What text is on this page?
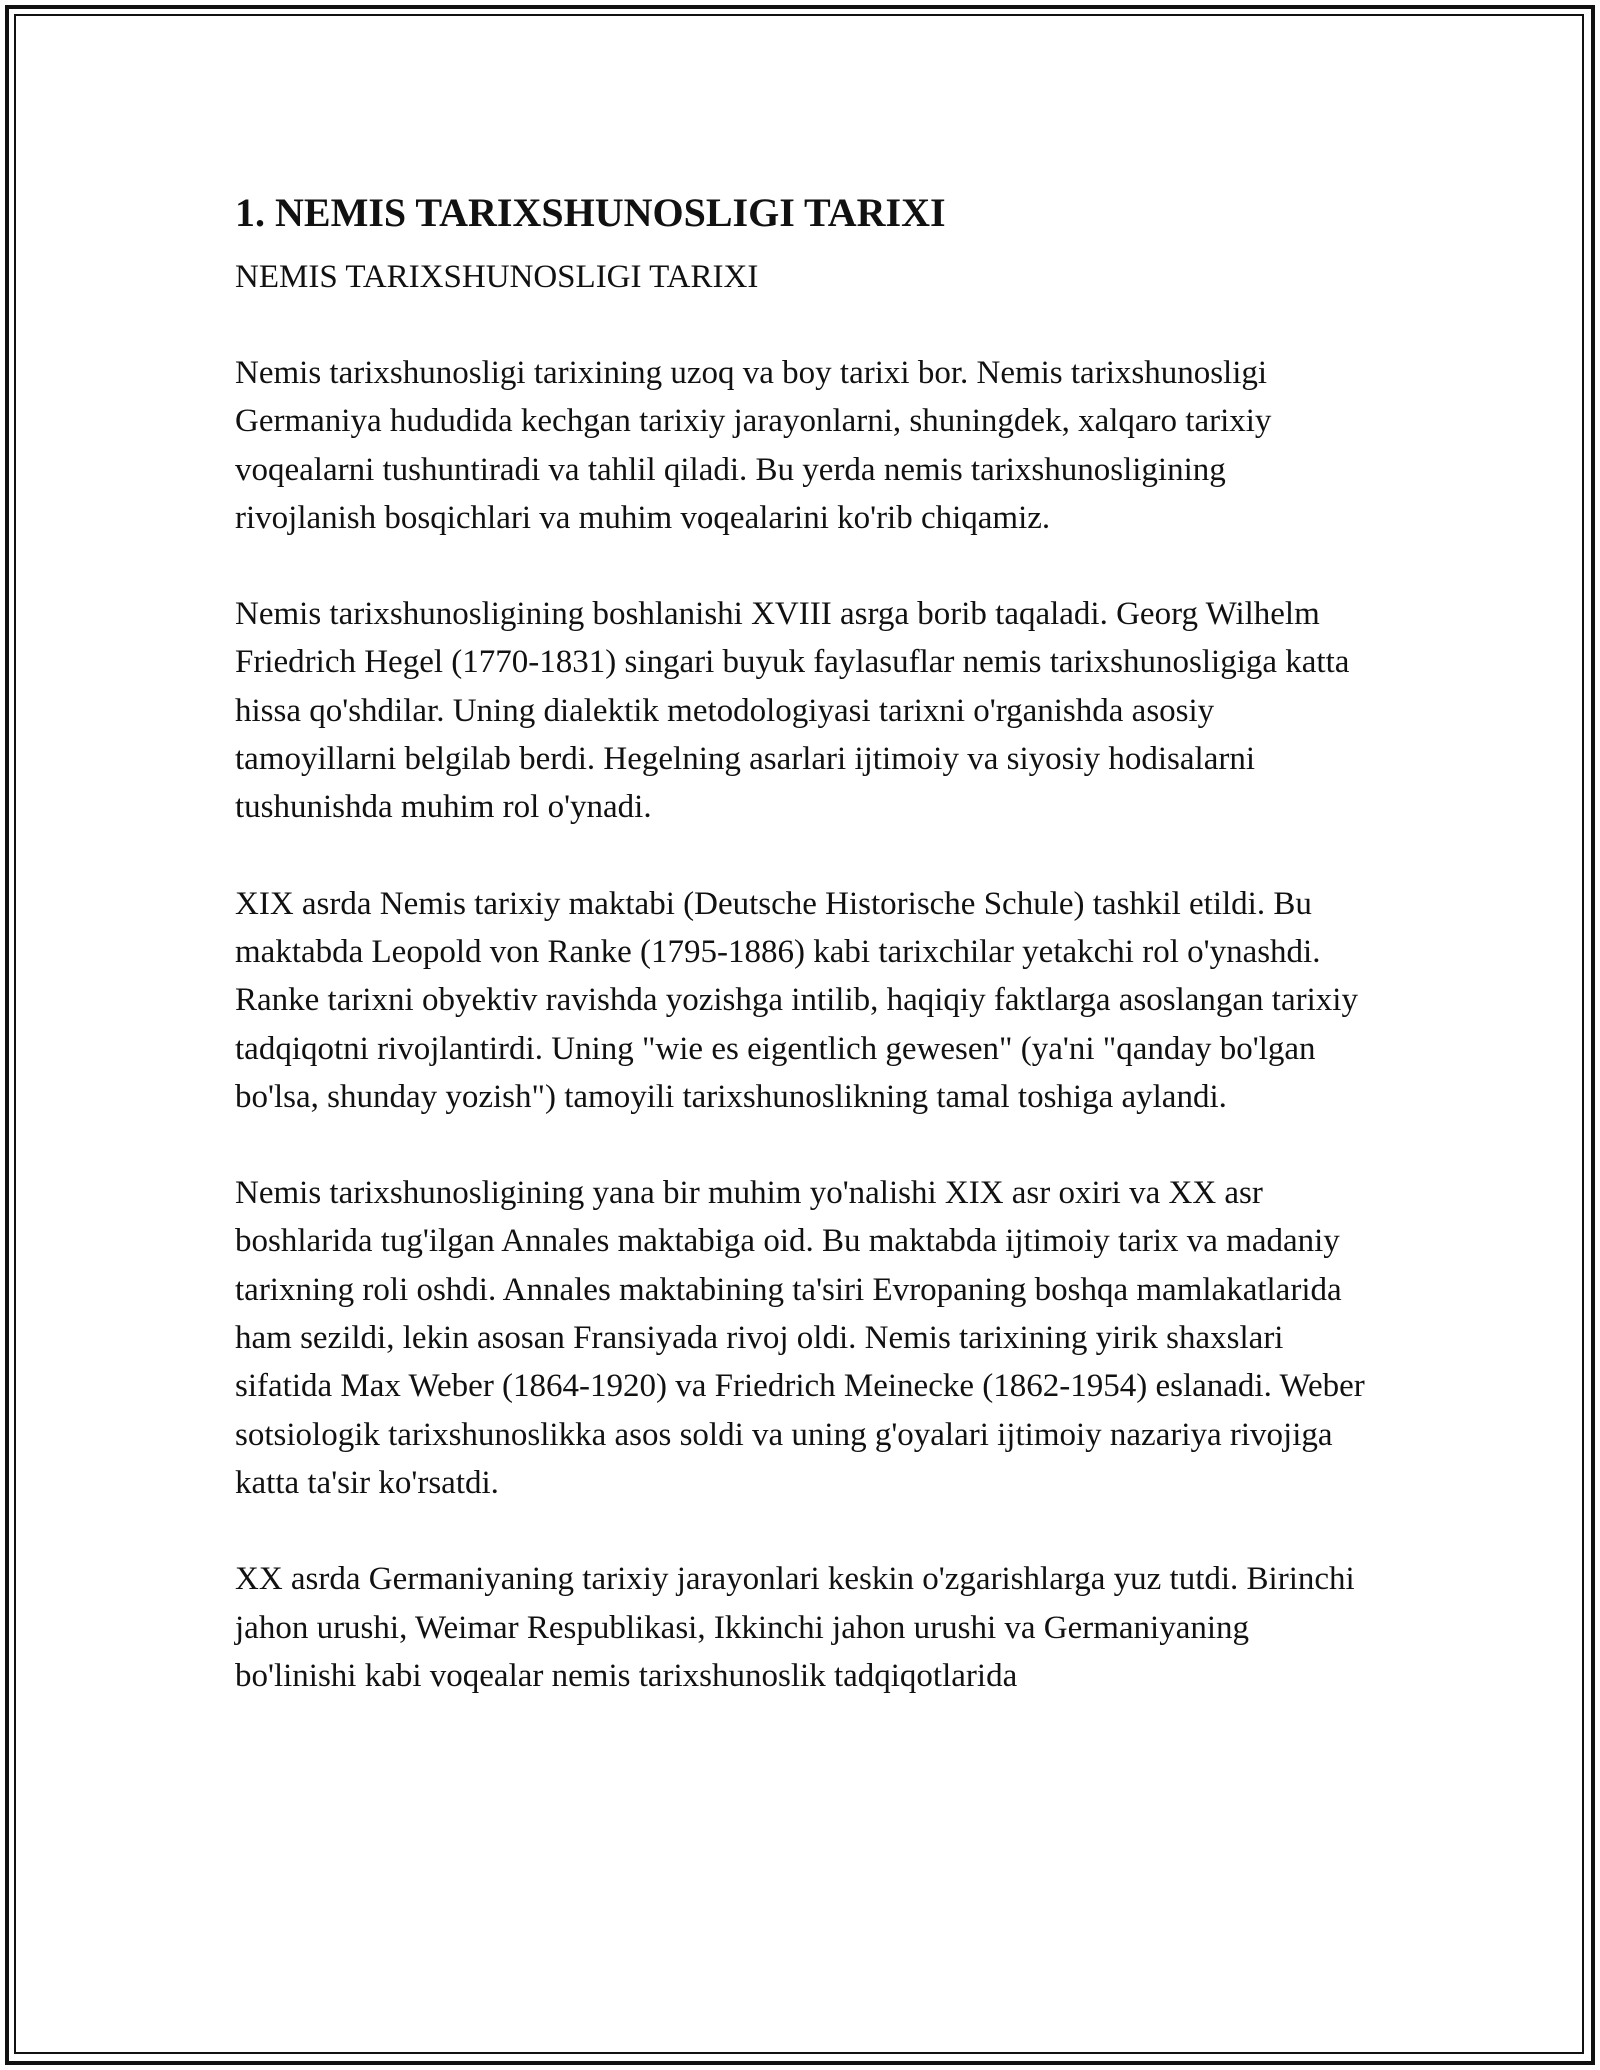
1. NEMIS TARIXSHUNOSLIGI TARIXI
NEMIS TARIXSHUNOSLIGI TARIXI

Nemis tarixshunosligi tarixining uzoq va boy tarixi bor. Nemis tarixshunosligi Germaniya hududida kechgan tarixiy jarayonlarni, shuningdek, xalqaro tarixiy voqealarni tushuntiradi va tahlil qiladi. Bu yerda nemis tarixshunosligining rivojlanish bosqichlari va muhim voqealarini ko'rib chiqamiz.

Nemis tarixshunosligining boshlanishi XVIII asrga borib taqaladi. Georg Wilhelm Friedrich Hegel (1770-1831) singari buyuk faylasuflar nemis tarixshunosligiga katta hissa qo'shdilar. Uning dialektik metodologiyasi tarixni o'rganishda asosiy tamoyillarni belgilab berdi. Hegelning asarlari ijtimoiy va siyosiy hodisalarni tushunishda muhim rol o'ynadi.

XIX asrda Nemis tarixiy maktabi (Deutsche Historische Schule) tashkil etildi. Bu maktabda Leopold von Ranke (1795-1886) kabi tarixchilar yetakchi rol o'ynashdi. Ranke tarixni obyektiv ravishda yozishga intilib, haqiqiy faktlarga asoslangan tarixiy tadqiqotni rivojlantirdi. Uning "wie es eigentlich gewesen" (ya'ni "qanday bo'lgan bo'lsa, shunday yozish") tamoyili tarixshunoslikning tamal toshiga aylandi.

Nemis tarixshunosligining yana bir muhim yo'nalishi XIX asr oxiri va XX asr boshlarida tug'ilgan Annales maktabiga oid. Bu maktabda ijtimoiy tarix va madaniy tarixning roli oshdi. Annales maktabining ta'siri Evropaning boshqa mamlakatlarida ham sezildi, lekin asosan Fransiyada rivoj oldi. Nemis tarixining yirik shaxslari sifatida Max Weber (1864-1920) va Friedrich Meinecke (1862-1954) eslanadi. Weber sotsiologik tarixshunoslikka asos soldi va uning g'oyalari ijtimoiy nazariya rivojiga katta ta'sir ko'rsatdi.

XX asrda Germaniyaning tarixiy jarayonlari keskin o'zgarishlarga yuz tutdi. Birinchi jahon urushi, Weimar Respublikasi, Ikkinchi jahon urushi va Germaniyaning bo'linishi kabi voqealar nemis tarixshunoslik tadqiqotlarida
